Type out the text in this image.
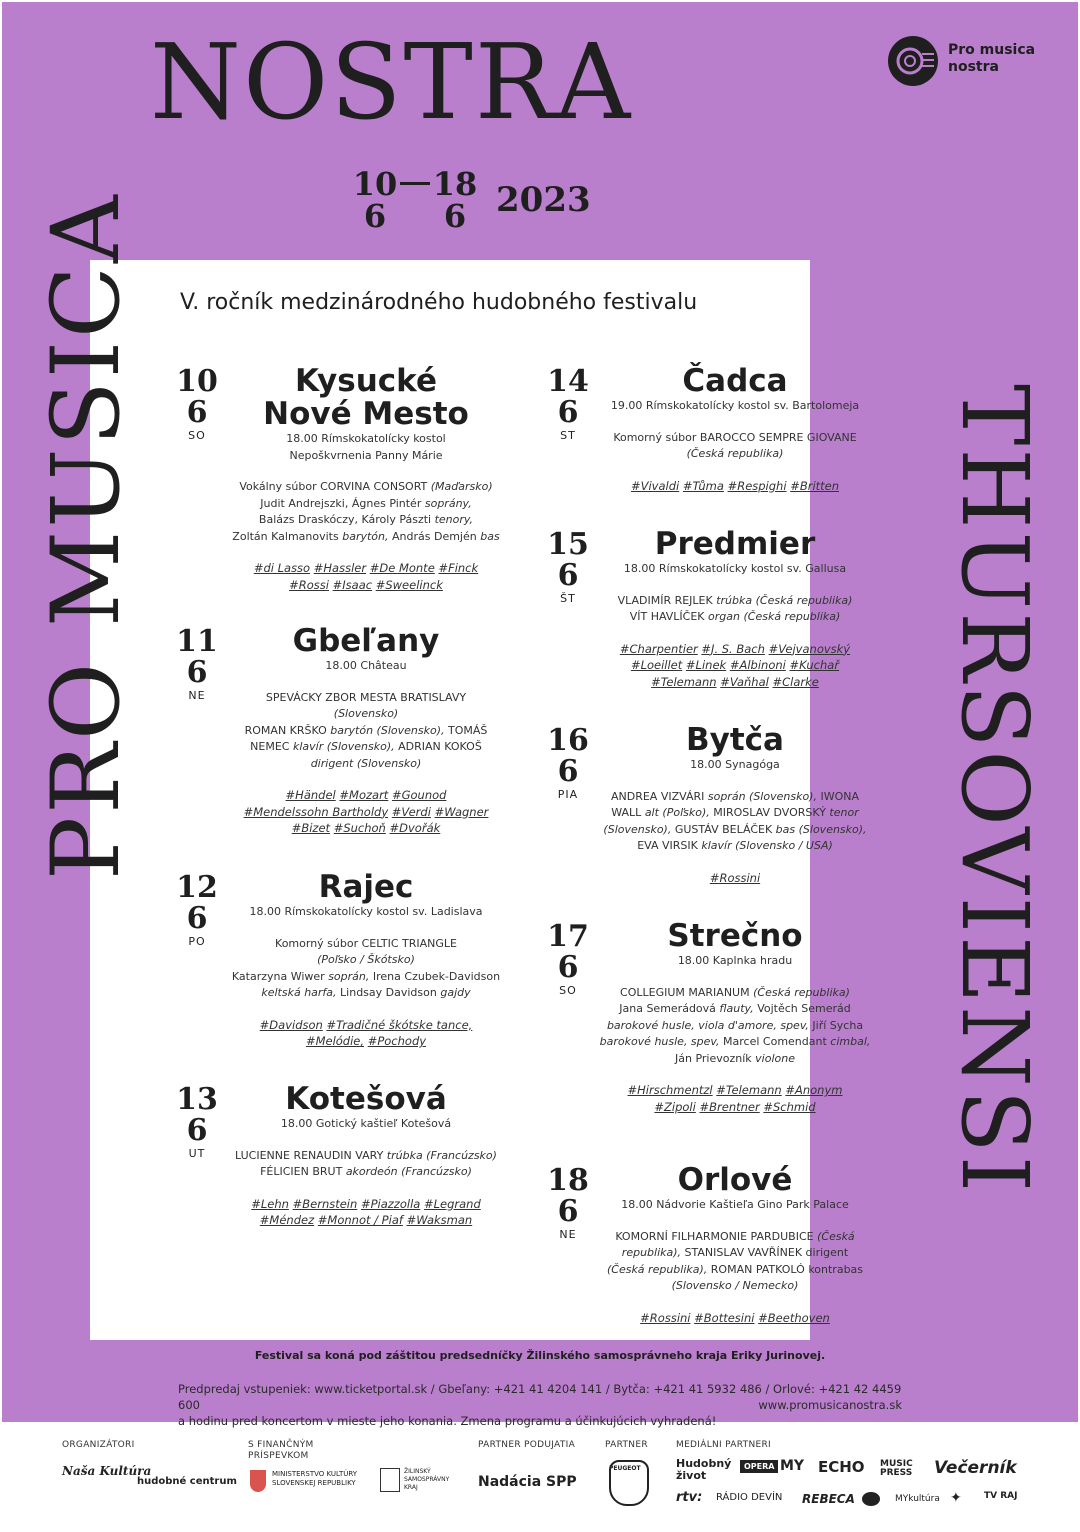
NOSTRA
PRO MUSICA	THURSOVIENSI
10
6
18
6 2023
Pro musica
nostra
V. ročník medzinárodného hudobného festivalu
10
6
SO
Kysucké
Nové Mesto
18.00 Rímskokatolícky kostol
Nepoškvrnenia Panny Márie
Vokálny súbor CORVINA CONSORT (Maďarsko)
Judit Andrejszki, Ágnes Pintér soprány,
Balázs Draskóczy, Károly Pászti tenory,
Zoltán Kalmanovits barytón, András Demjén bas
#di Lasso #Hassler #De Monte #Finck
#Rossi #Isaac #Sweelinck
11
6
NE
Gbeľany
18.00 Château
SPEVÁCKY ZBOR MESTA BRATISLAVY
(Slovensko)
ROMAN KRŠKO barytón (Slovensko), TOMÁŠ
NEMEC klavír (Slovensko), ADRIAN KOKOŠ
dirigent (Slovensko)
#Händel #Mozart #Gounod
#Mendelssohn Bartholdy #Verdi #Wagner
#Bizet #Suchoň #Dvořák
12
6
PO
Rajec
18.00 Rímskokatolícky kostol sv. Ladislava
Komorný súbor CELTIC TRIANGLE
(Poľsko / Škótsko)
Katarzyna Wiwer soprán, Irena Czubek-Davidson
keltská harfa, Lindsay Davidson gajdy
#Davidson #Tradičné škótske tance,
#Melódie, #Pochody
13
6
UT
Kotešová
18.00 Gotický kaštieľ Kotešová
LUCIENNE RENAUDIN VARY trúbka (Francúzsko)
FÉLICIEN BRUT akordeón (Francúzsko)
#Lehn #Bernstein #Piazzolla #Legrand
#Méndez #Monnot / Piaf #Waksman
14
6
ST
Čadca
19.00 Rímskokatolícky kostol sv. Bartolomeja
Komorný súbor BAROCCO SEMPRE GIOVANE
(Česká republika)
#Vivaldi #Tůma #Respighi #Britten
15
6
ŠT
Predmier
18.00 Rímskokatolícky kostol sv. Gallusa
VLADIMÍR REJLEK trúbka (Česká republika)
VÍT HAVLÍČEK organ (Česká republika)
#Charpentier #J. S. Bach #Vejvanovský
#Loeillet #Linek #Albinoni #Kuchař
#Telemann #Vaňhal #Clarke
16
6
PIA
Bytča
18.00 Synagóga
ANDREA VIZVÁRI soprán (Slovensko), IWONA
WALL alt (Poľsko), MIROSLAV DVORSKÝ tenor
(Slovensko), GUSTÁV BELÁČEK bas (Slovensko),
EVA VIRSIK klavír (Slovensko / USA)
#Rossini
17
6
SO
Strečno
18.00 Kaplnka hradu
COLLEGIUM MARIANUM (Česká republika)
Jana Semerádová flauty, Vojtěch Semerád
barokové husle, viola d'amore, spev, Jiří Sycha
barokové husle, spev, Marcel Comendant cimbal,
Ján Prievozník violone
#Hirschmentzl #Telemann #Anonym
#Zipoli #Brentner #Schmid
18
6
NE
Orlové
18.00 Nádvorie Kaštieľa Gino Park Palace
KOMORNÍ FILHARMONIE PARDUBICE (Česká
republika), STANISLAV VAVŘÍNEK dirigent
(Česká republika), ROMAN PATKOLÓ kontrabas
(Slovensko / Nemecko)
#Rossini #Bottesini #Beethoven
Festival sa koná pod záštitou predsedníčky Žilinského samosprávneho kraja Eriky Jurinovej.
Predpredaj vstupeniek: www.ticketportal.sk / Gbeľany: +421 41 4204 141 / Bytča: +421 41 5932 486 / Orlové: +421 42 4459 600
a hodinu pred koncertom v mieste jeho konania. Zmena programu a účinkujúcich vyhradená!
www.promusicanostra.sk
ORGANIZÁTORI	S FINANČNÝM
PRÍSPEVKOM
PARTNER PODUJATIA	PARTNER	MEDIÁLNI PARTNERI
Naša Kultúra
hudobné centrum
MINISTERSTVO KULTÚRY SLOVENSKEJ REPUBLIKY
ŽILINSKÝ SAMOSPRÁVNY KRAJ	Nadácia SPP
PEUGEOT	Hudobný život
OPERA MY ECHO MUSIC PRESS	Večerník
rtv: RÁDIO DEVÍN REBECA	MYkultúra ✦ TV RAJ
